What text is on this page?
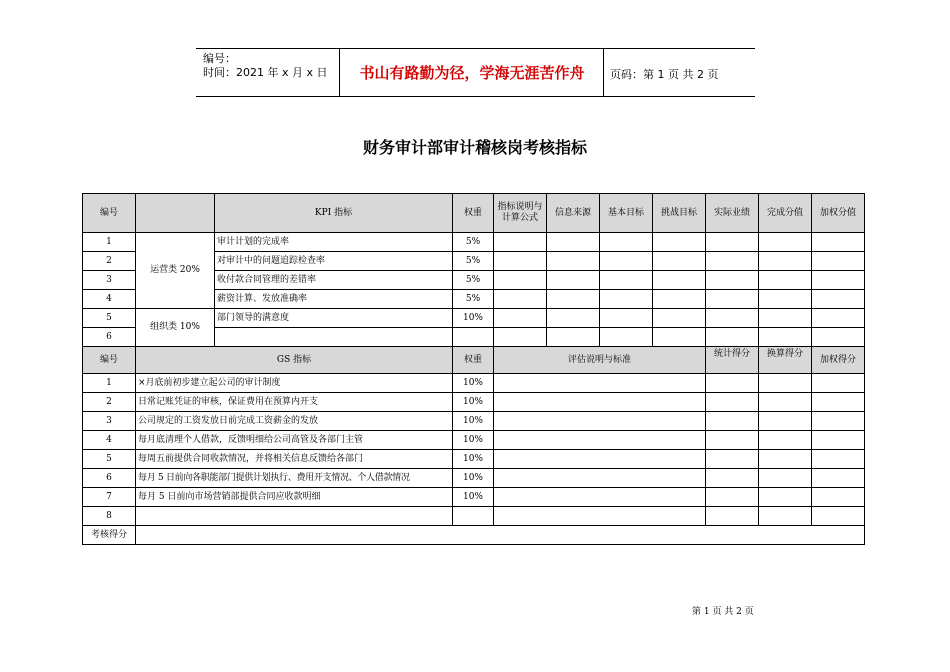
编号：
时间：2021 年 x 月 x 日	书山有路勤为径，学海无涯苦作舟	页码：第 1 页 共 2 页
财务审计部审计稽核岗考核指标
编号		KPI 指标	权重	指标说明与计算公式	信息来源	基本目标	挑战目标	实际业绩	完成分值	加权分值
1	运营类 20%	审计计划的完成率	5%							
2		对审计中的问题追踪检查率	5%							
3		收付款合同管理的差错率	5%							
4		薪资计算、发放准确率	5%							
5	组织类 10%	部门领导的满意度	10%							
6										
编号	GS 指标		权重	评估说明与标准				统计得分	换算得分	加权得分
1	×月底前初步建立起公司的审计制度		10%							
2	日常记账凭证的审核，保证费用在预算内开支		10%							
3	公司规定的工资发放日前完成工资薪金的发放		10%							
4	每月底清理个人借款，反馈明细给公司高管及各部门主管		10%							
5	每周五前提供合同收款情况，并将相关信息反馈给各部门		10%							
6	每月 5 日前向各职能部门提供计划执行、费用开支情况、个人借款情况		10%							
7	每月 5 日前向市场营销部提供合同应收款明细		10%							
8										
考核得分										
第 1 页 共 2 页
